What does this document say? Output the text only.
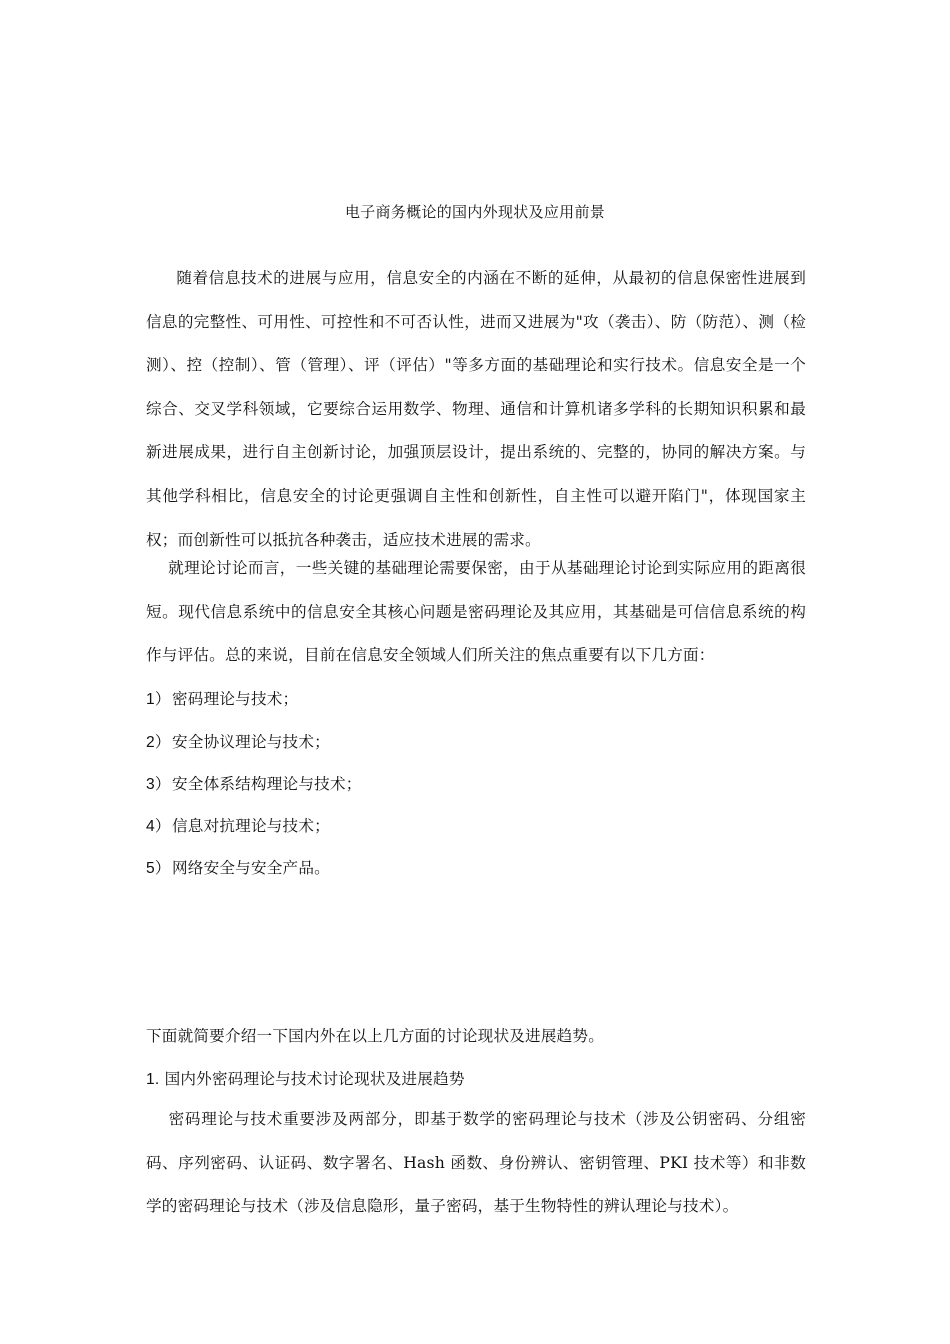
电子商务概论的国内外现状及应用前景
随着信息技术的进展与应用，信息安全的内涵在不断的延伸，从最初的信息保密性进展到信息的完整性、可用性、可控性和不可否认性，进而又进展为"攻（袭击）、防（防范）、测（检测）、控（控制）、管（管理）、评（评估）"等多方面的基础理论和实行技术。信息安全是一个综合、交叉学科领域，它要综合运用数学、物理、通信和计算机诸多学科的长期知识积累和最新进展成果，进行自主创新讨论，加强顶层设计，提出系统的、完整的，协同的解决方案。与其他学科相比，信息安全的讨论更强调自主性和创新性，自主性可以避开陷门"，体现国家主权；而创新性可以抵抗各种袭击，适应技术进展的需求。
就理论讨论而言，一些关键的基础理论需要保密，由于从基础理论讨论到实际应用的距离很短。现代信息系统中的信息安全其核心问题是密码理论及其应用，其基础是可信信息系统的构作与评估。总的来说，目前在信息安全领域人们所关注的焦点重要有以下几方面：
1）密码理论与技术；
2）安全协议理论与技术；
3）安全体系结构理论与技术；
4）信息对抗理论与技术；
5）网络安全与安全产品。
下面就简要介绍一下国内外在以上几方面的讨论现状及进展趋势。
1. 国内外密码理论与技术讨论现状及进展趋势
密码理论与技术重要涉及两部分，即基于数学的密码理论与技术（涉及公钥密码、分组密码、序列密码、认证码、数字署名、Hash 函数、身份辨认、密钥管理、PKI 技术等）和非数学的密码理论与技术（涉及信息隐形，量子密码，基于生物特性的辨认理论与技术）。
